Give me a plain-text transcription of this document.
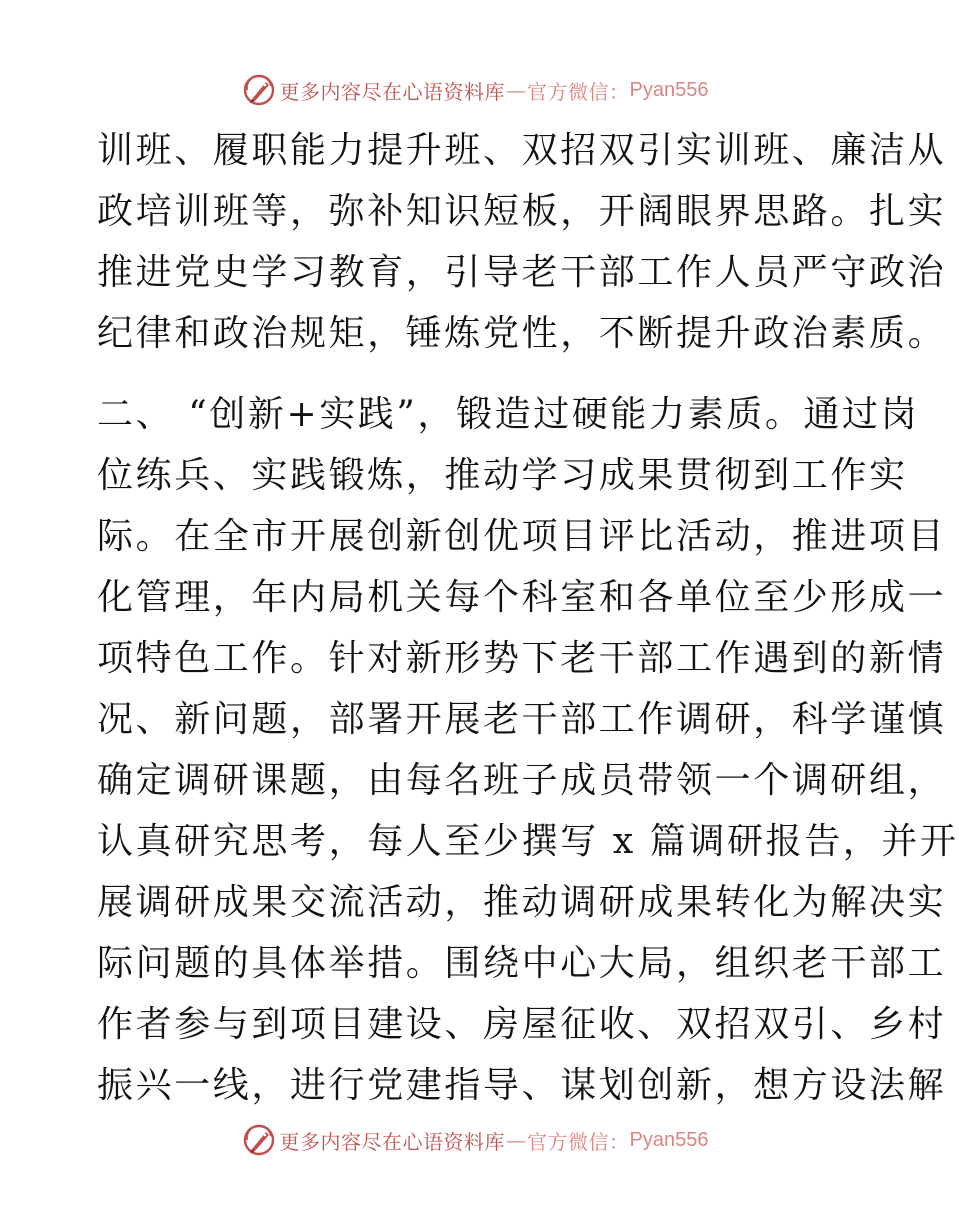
更多内容尽在心语资料库 — 官方微信： Pyan556
训班、履职能力提升班、双招双引实训班、廉洁从
政培训班等，弥补知识短板，开阔眼界思路。扎实
推进党史学习教育，引导老干部工作人员严守政治
纪律和政治规矩，锤炼党性，不断提升政治素质。
二、 “创新+实践”，锻造过硬能力素质。通过岗
位练兵、实践锻炼，推动学习成果贯彻到工作实
际。在全市开展创新创优项目评比活动，推进项目
化管理，年内局机关每个科室和各单位至少形成一
项特色工作。针对新形势下老干部工作遇到的新情
况、新问题，部署开展老干部工作调研，科学谨慎
确定调研课题，由每名班子成员带领一个调研组，
认真研究思考，每人至少撰写 x 篇调研报告，并开
展调研成果交流活动，推动调研成果转化为解决实
际问题的具体举措。围绕中心大局，组织老干部工
作者参与到项目建设、房屋征收、双招双引、乡村
振兴一线，进行党建指导、谋划创新，想方设法解
更多内容尽在心语资料库 — 官方微信： Pyan556
